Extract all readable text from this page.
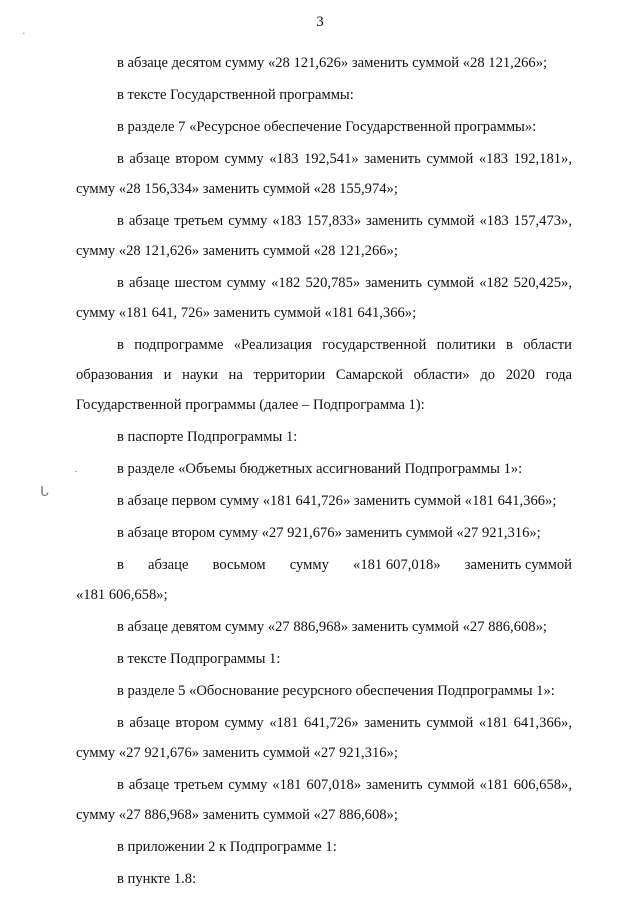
3
в абзаце десятом сумму «28 121,626» заменить суммой «28 121,266»;
в тексте Государственной программы:
в разделе 7 «Ресурсное обеспечение Государственной программы»:
в абзаце втором сумму «183 192,541» заменить суммой «183 192,181»,
сумму «28 156,334» заменить суммой «28 155,974»;
в абзаце третьем сумму «183 157,833» заменить суммой «183 157,473»,
сумму «28 121,626» заменить суммой «28 121,266»;
в абзаце шестом сумму «182 520,785» заменить суммой «182 520,425»,
сумму «181 641, 726» заменить суммой «181 641,366»;
в подпрограмме «Реализация государственной политики в области
образования и науки на территории Самарской области» до 2020 года
Государственной программы (далее – Подпрограмма 1):
в паспорте Подпрограммы 1:
в разделе «Объемы бюджетных ассигнований Подпрограммы 1»:
в абзаце первом сумму «181 641,726» заменить суммой «181 641,366»;
в абзаце втором сумму «27 921,676» заменить суммой «27 921,316»;
в абзаце восьмом сумму «181 607,018» заменить суммой
«181 606,658»;
в абзаце девятом сумму «27 886,968» заменить суммой «27 886,608»;
в тексте Подпрограммы 1:
в разделе 5 «Обоснование ресурсного обеспечения Подпрограммы 1»:
в абзаце втором сумму «181 641,726» заменить суммой «181 641,366»,
сумму «27 921,676» заменить суммой «27 921,316»;
в абзаце третьем сумму «181 607,018» заменить суммой «181 606,658»,
сумму «27 886,968» заменить суммой «27 886,608»;
в приложении 2 к Подпрограмме 1:
в пункте 1.8:
·
ᒐ
·
